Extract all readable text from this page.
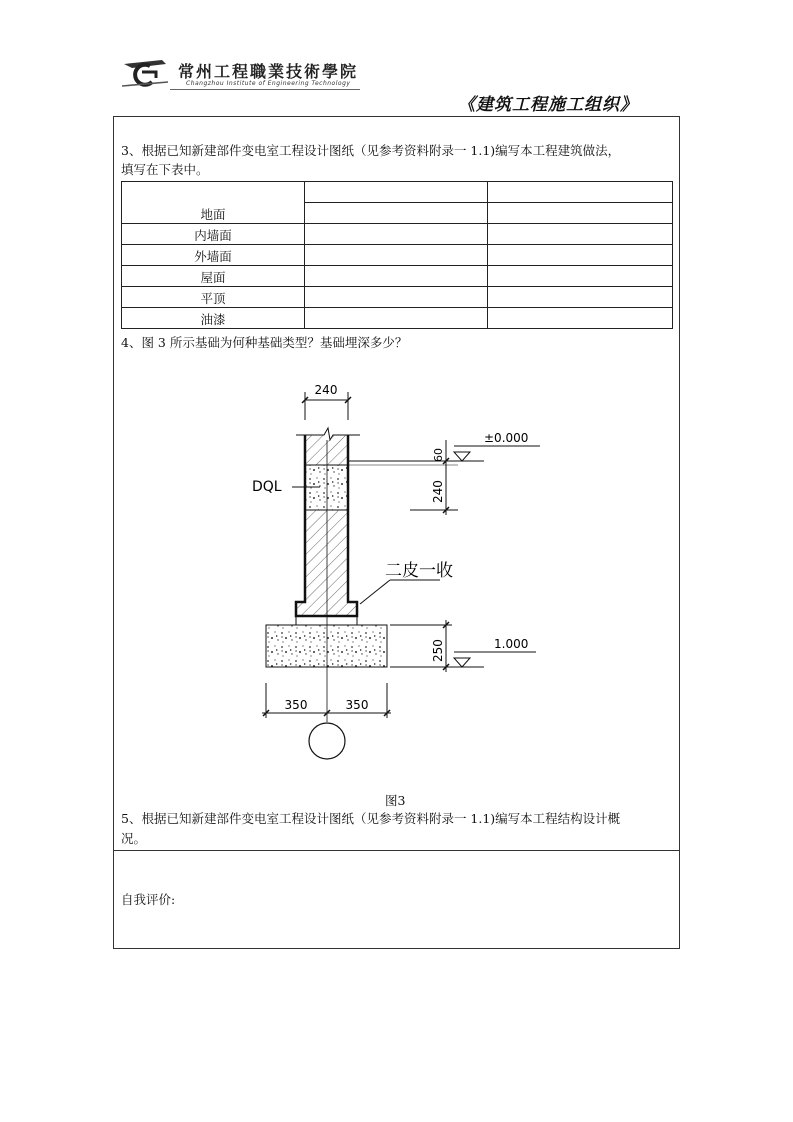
常州工程職業技術學院
Changzhou Institute of Engineering Technology
《建筑工程施工组织》
3、根据已知新建部件变电室工程设计图纸（见参考资料附录一 1.1)编写本工程建筑做法，
填写在下表中。
地面		

内墙面		
外墙面		
屋面		
平顶		
油漆		
4、图 3 所示基础为何种基础类型？基础埋深多少？
240
DQL
二皮一收
60
240
±0.000
250	1.000
350	350
图3
5、根据已知新建部件变电室工程设计图纸（见参考资料附录一 1.1)编写本工程结构设计概
况。
自我评价:
